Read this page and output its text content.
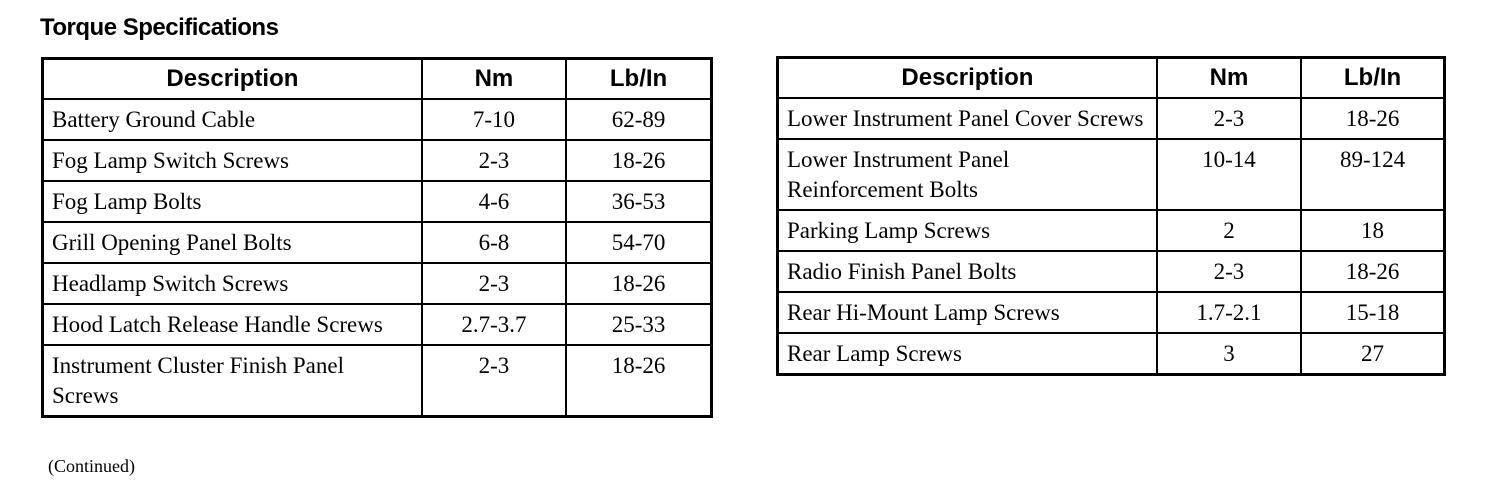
Torque Specifications
Description	Nm	Lb/In
Battery Ground Cable	7-10	62-89
Fog Lamp Switch Screws	2-3	18-26
Fog Lamp Bolts	4-6	36-53
Grill Opening Panel Bolts	6-8	54-70
Headlamp Switch Screws	2-3	18-26
Hood Latch Release Handle Screws	2.7-3.7	25-33
Instrument Cluster Finish Panel Screws	2-3	18-26
Description	Nm	Lb/In
Lower Instrument Panel Cover Screws	2-3	18-26
Lower Instrument Panel Reinforcement Bolts	10-14	89-124
Parking Lamp Screws	2	18
Radio Finish Panel Bolts	2-3	18-26
Rear Hi-Mount Lamp Screws	1.7-2.1	15-18
Rear Lamp Screws	3	27
(Continued)
